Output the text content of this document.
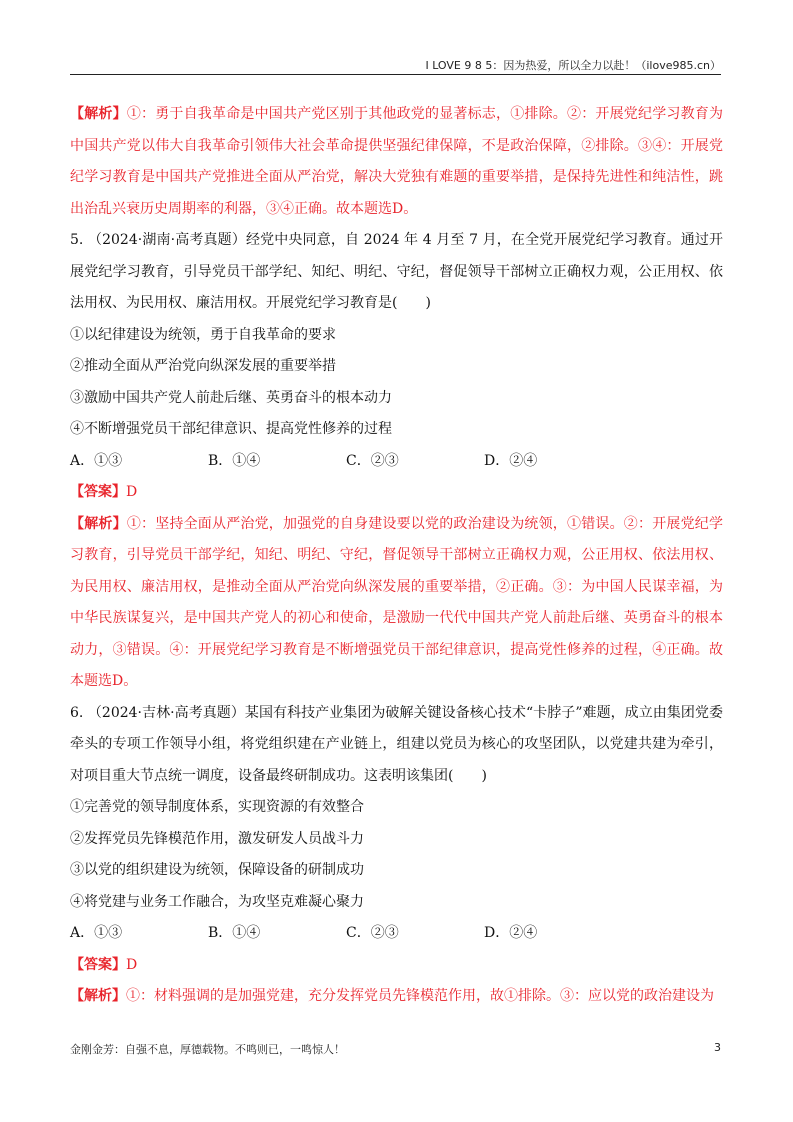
I LOVE 9 8 5：因为热爱，所以全力以赴！（ilove985.cn）

【解析】①：勇于自我革命是中国共产党区别于其他政党的显著标志，①排除。②：开展党纪学习教育为中国共产党以伟大自我革命引领伟大社会革命提供坚强纪律保障，不是政治保障，②排除。③④：开展党纪学习教育是中国共产党推进全面从严治党，解决大党独有难题的重要举措，是保持先进性和纯洁性，跳出治乱兴衰历史周期率的利器，③④正确。故本题选D。

5. （2024·湖南·高考真题）经党中央同意，自 2024 年 4 月至 7 月，在全党开展党纪学习教育。通过开展党纪学习教育，引导党员干部学纪、知纪、明纪、守纪，督促领导干部树立正确权力观，公正用权、依法用权、为民用权、廉洁用权。开展党纪学习教育是(　　)

①以纪律建设为统领，勇于自我革命的要求

②推动全面从严治党向纵深发展的重要举措

③激励中国共产党人前赴后继、英勇奋斗的根本动力

④不断增强党员干部纪律意识、提高党性修养的过程

A．①③	B．①④	C．②③	D．②④

【答案】D

【解析】①：坚持全面从严治党，加强党的自身建设要以党的政治建设为统领，①错误。②：开展党纪学习教育，引导党员干部学纪，知纪、明纪、守纪，督促领导干部树立正确权力观，公正用权、依法用权、为民用权、廉洁用权，是推动全面从严治党向纵深发展的重要举措，②正确。③：为中国人民谋幸福，为中华民族谋复兴，是中国共产党人的初心和使命，是激励一代代中国共产党人前赴后继、英勇奋斗的根本动力，③错误。④：开展党纪学习教育是不断增强党员干部纪律意识，提高党性修养的过程，④正确。故本题选D。

6. （2024·吉林·高考真题）某国有科技产业集团为破解关键设备核心技术“卡脖子”难题，成立由集团党委牵头的专项工作领导小组，将党组织建在产业链上，组建以党员为核心的攻坚团队，以党建共建为牵引，对项目重大节点统一调度，设备最终研制成功。这表明该集团(　　)

①完善党的领导制度体系，实现资源的有效整合

②发挥党员先锋模范作用，激发研发人员战斗力

③以党的组织建设为统领，保障设备的研制成功

④将党建与业务工作融合，为攻坚克难凝心聚力

A．①③	B．①④	C．②③	D．②④

【答案】D

【解析】①：材料强调的是加强党建，充分发挥党员先锋模范作用，故①排除。③：应以党的政治建设为

金刚金芳：自强不息，厚德载物。不鸣则已，一鸣惊人！	3
